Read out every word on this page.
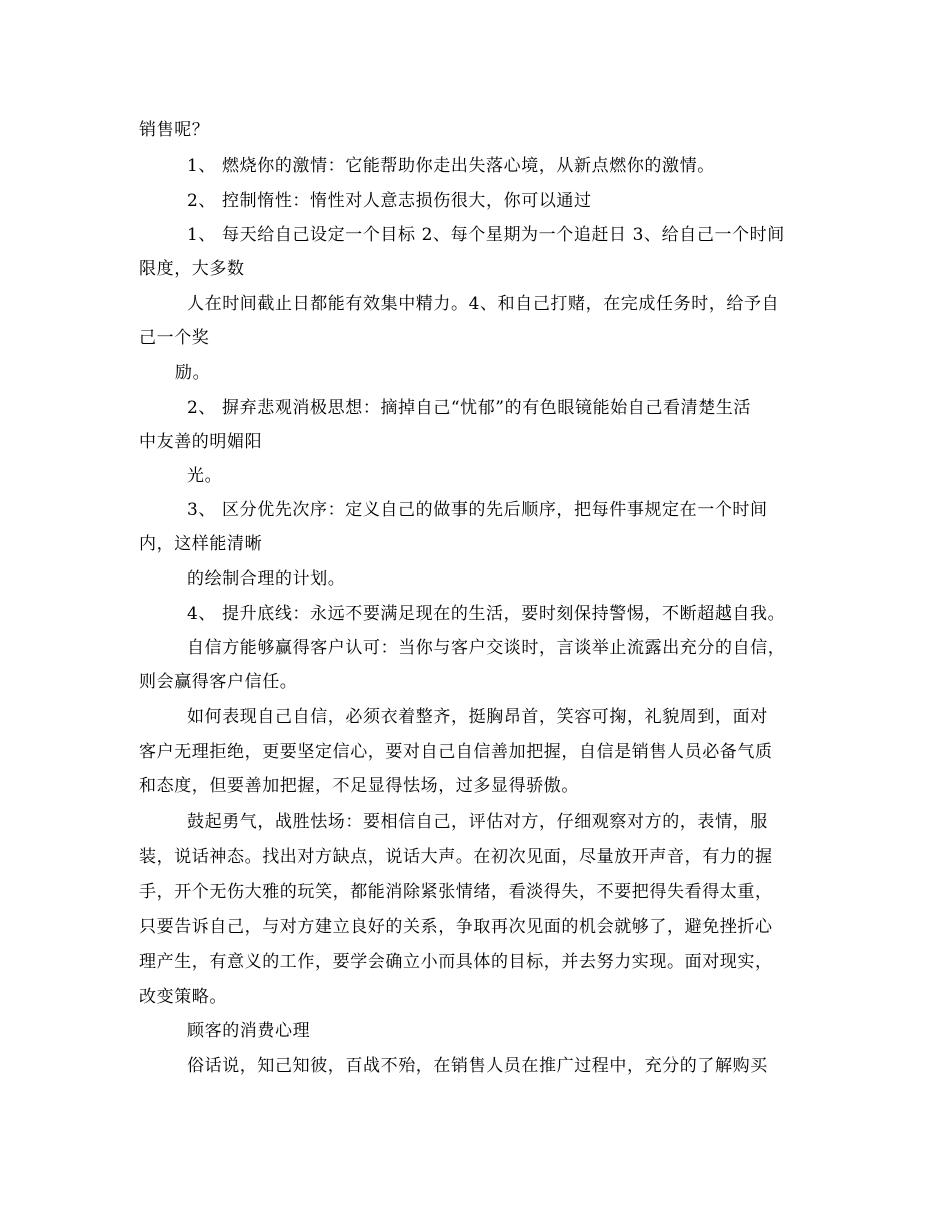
销售呢？
1、 燃烧你的激情：它能帮助你走出失落心境，从新点燃你的激情。
2、 控制惰性：惰性对人意志损伤很大，你可以通过
1、 每天给自己设定一个目标 2、每个星期为一个追赶日 3、给自己一个时间
限度，大多数
人在时间截止日都能有效集中精力。4、和自己打赌，在完成任务时，给予自
己一个奖
励。
2、 摒弃悲观消极思想：摘掉自己“忧郁”的有色眼镜能始自己看清楚生活
中友善的明媚阳
光。
3、 区分优先次序：定义自己的做事的先后顺序，把每件事规定在一个时间
内，这样能清晰
的绘制合理的计划。
4、 提升底线：永远不要满足现在的生活，要时刻保持警惕，不断超越自我。
自信方能够赢得客户认可：当你与客户交谈时，言谈举止流露出充分的自信，
则会赢得客户信任。
如何表现自己自信，必须衣着整齐，挺胸昂首，笑容可掬，礼貌周到，面对
客户无理拒绝，更要坚定信心，要对自己自信善加把握，自信是销售人员必备气质
和态度，但要善加把握，不足显得怯场，过多显得骄傲。
鼓起勇气，战胜怯场：要相信自己，评估对方，仔细观察对方的，表情，服
装，说话神态。找出对方缺点，说话大声。在初次见面，尽量放开声音，有力的握
手，开个无伤大雅的玩笑，都能消除紧张情绪，看淡得失，不要把得失看得太重，
只要告诉自己，与对方建立良好的关系，争取再次见面的机会就够了，避免挫折心
理产生，有意义的工作，要学会确立小而具体的目标，并去努力实现。面对现实，
改变策略。
顾客的消费心理
俗话说，知己知彼，百战不殆，在销售人员在推广过程中，充分的了解购买
